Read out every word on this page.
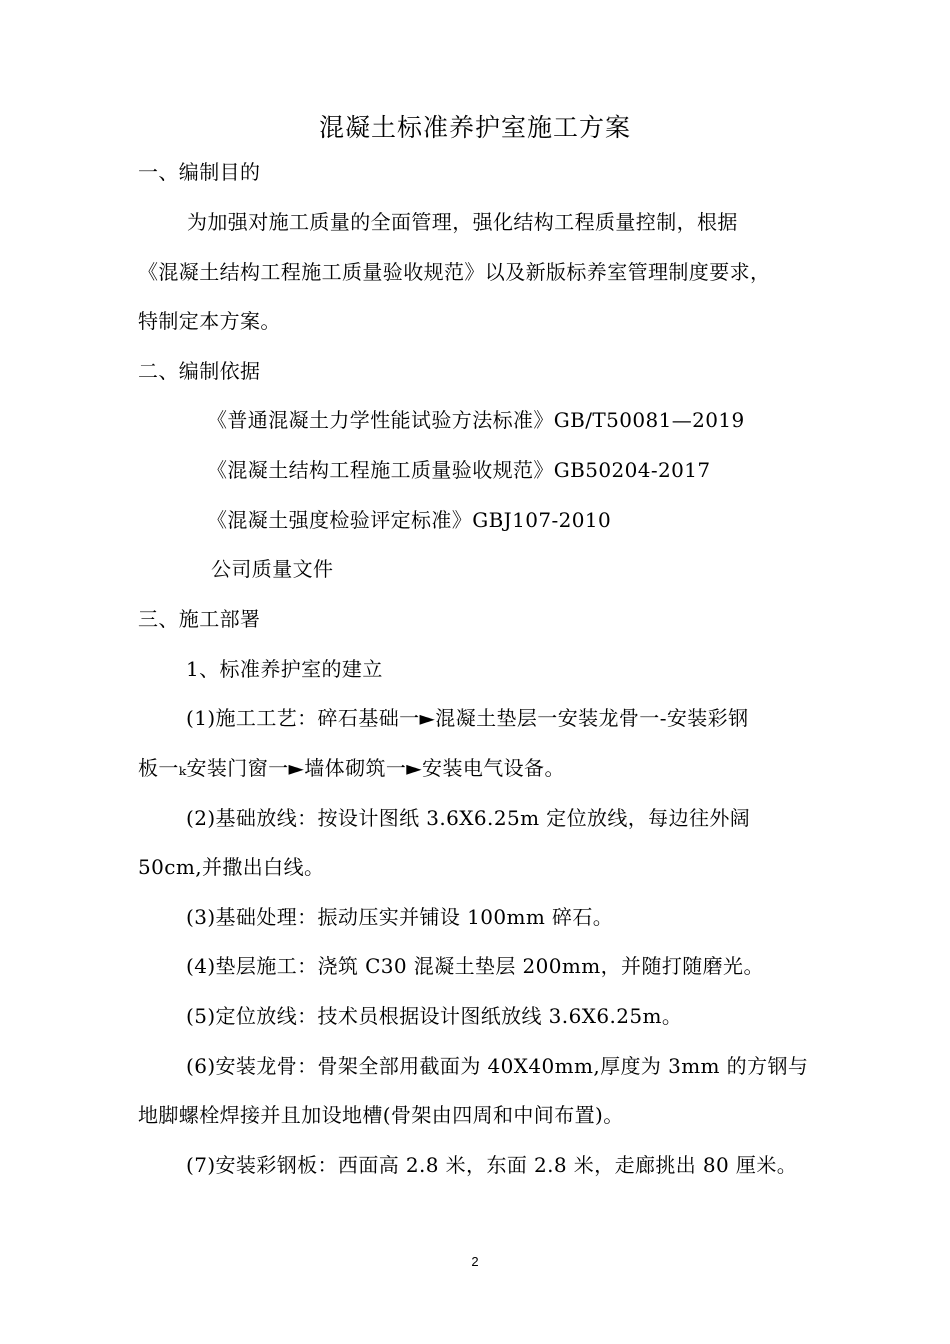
混凝土标准养护室施工方案
一、编制目的
为加强对施工质量的全面管理，强化结构工程质量控制，根据
《混凝土结构工程施工质量验收规范》以及新版标养室管理制度要求，
特制定本方案。
二、编制依据
《普通混凝土力学性能试验方法标准》GB/T50081—2019
《混凝土结构工程施工质量验收规范》GB50204-2017
《混凝土强度检验评定标准》GBJ107-2010
公司质量文件
三、施工部署
1、标准养护室的建立
(1)施工工艺：碎石基础一►混凝土垫层一安装龙骨一-安装彩钢
板一ₖ安装门窗一►墙体砌筑一►安装电气设备。
(2)基础放线：按设计图纸 3.6X6.25m 定位放线，每边往外阔
50cm,并撒出白线。
(3)基础处理：振动压实并铺设 100mm 碎石。
(4)垫层施工：浇筑 C30 混凝土垫层 200mm，并随打随磨光。
(5)定位放线：技术员根据设计图纸放线 3.6X6.25m。
(6)安装龙骨：骨架全部用截面为 40X40mm,厚度为 3mm 的方钢与
地脚螺栓焊接并且加设地槽(骨架由四周和中间布置)。
(7)安装彩钢板：西面高 2.8 米，东面 2.8 米，走廊挑出 80 厘米。
2
